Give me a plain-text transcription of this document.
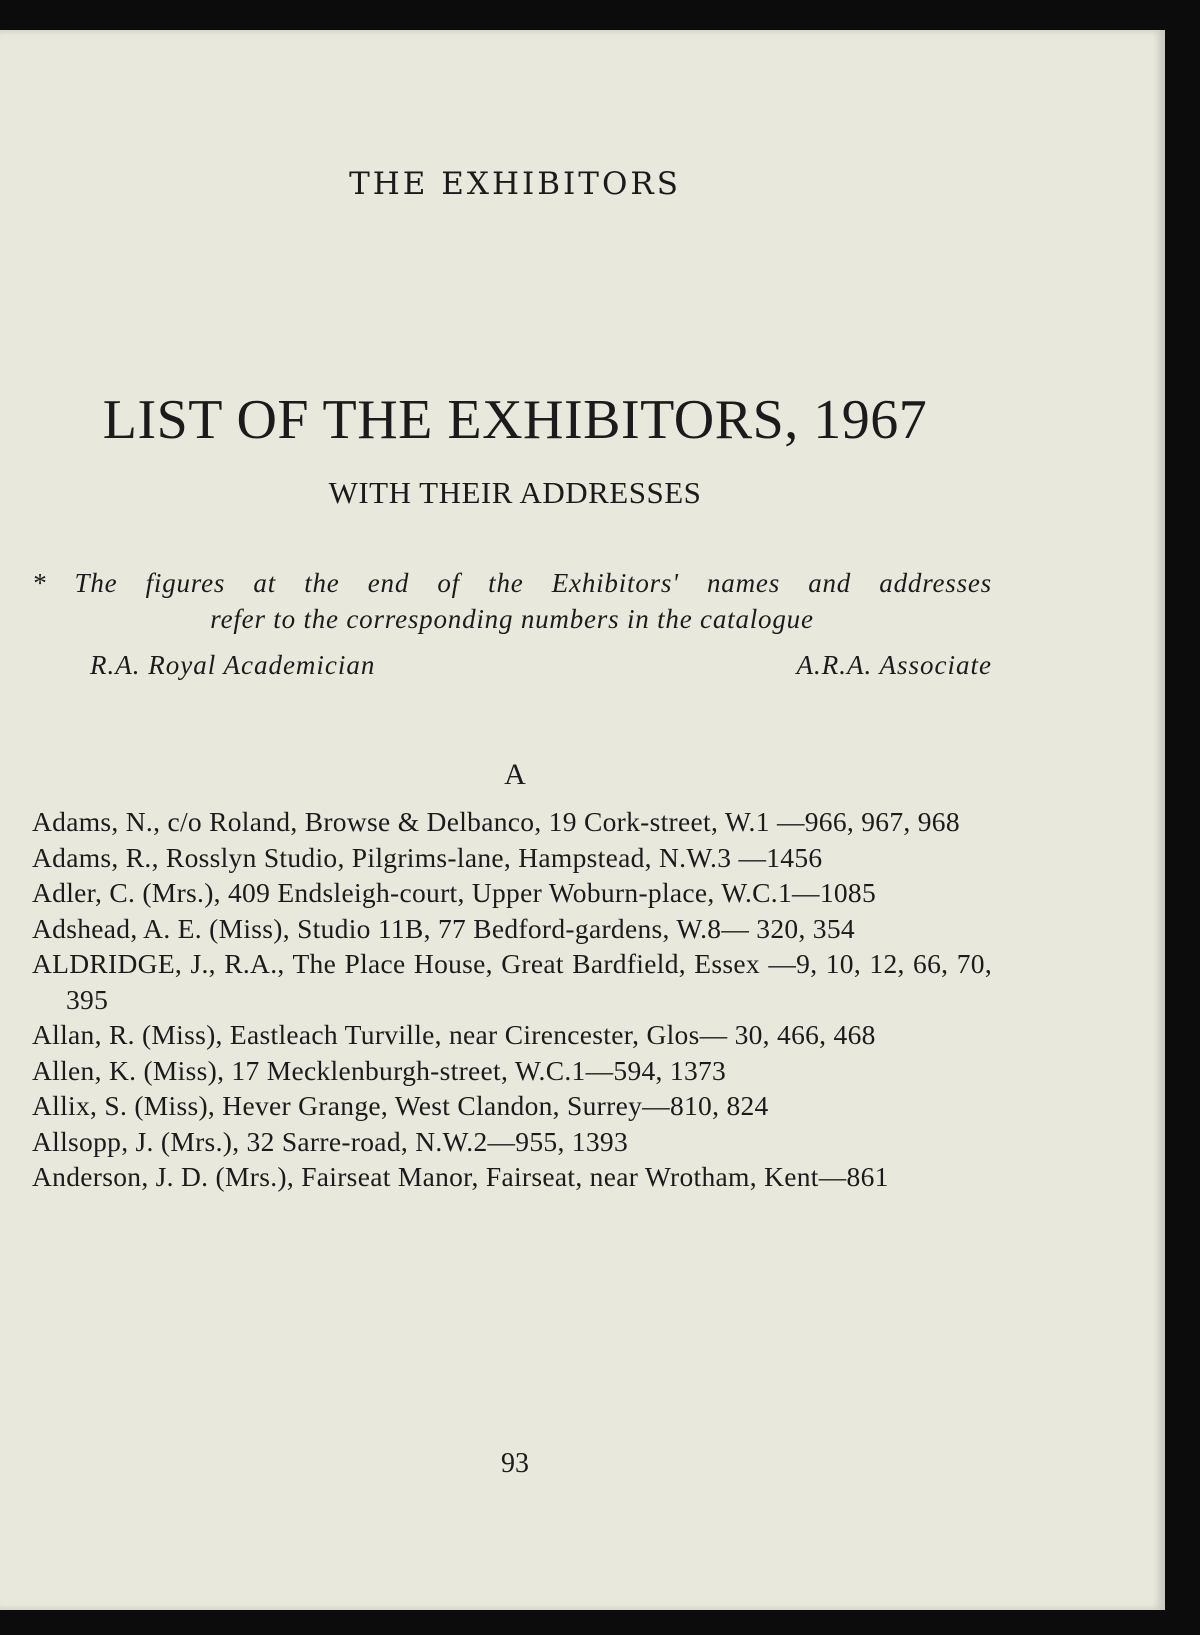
THE EXHIBITORS
LIST OF THE EXHIBITORS, 1967
WITH THEIR ADDRESSES
* The figures at the end of the Exhibitors' names and addresses
refer to the corresponding numbers in the catalogue
R.A. Royal Academician	A.R.A. Associate
A
Adams, N., c/o Roland, Browse & Delbanco, 19 Cork-street, W.1 —966, 967, 968
Adams, R., Rosslyn Studio, Pilgrims-lane, Hampstead, N.W.3 —1456
Adler, C. (Mrs.), 409 Endsleigh-court, Upper Woburn-place, W.C.1—1085
Adshead, A. E. (Miss), Studio 11B, 77 Bedford-gardens, W.8— 320, 354
ALDRIDGE, J., R.A., The Place House, Great Bardfield, Essex —9, 10, 12, 66, 70, 395
Allan, R. (Miss), Eastleach Turville, near Cirencester, Glos— 30, 466, 468
Allen, K. (Miss), 17 Mecklenburgh-street, W.C.1—594, 1373
Allix, S. (Miss), Hever Grange, West Clandon, Surrey—810, 824
Allsopp, J. (Mrs.), 32 Sarre-road, N.W.2—955, 1393
Anderson, J. D. (Mrs.), Fairseat Manor, Fairseat, near Wrotham, Kent—861
93
